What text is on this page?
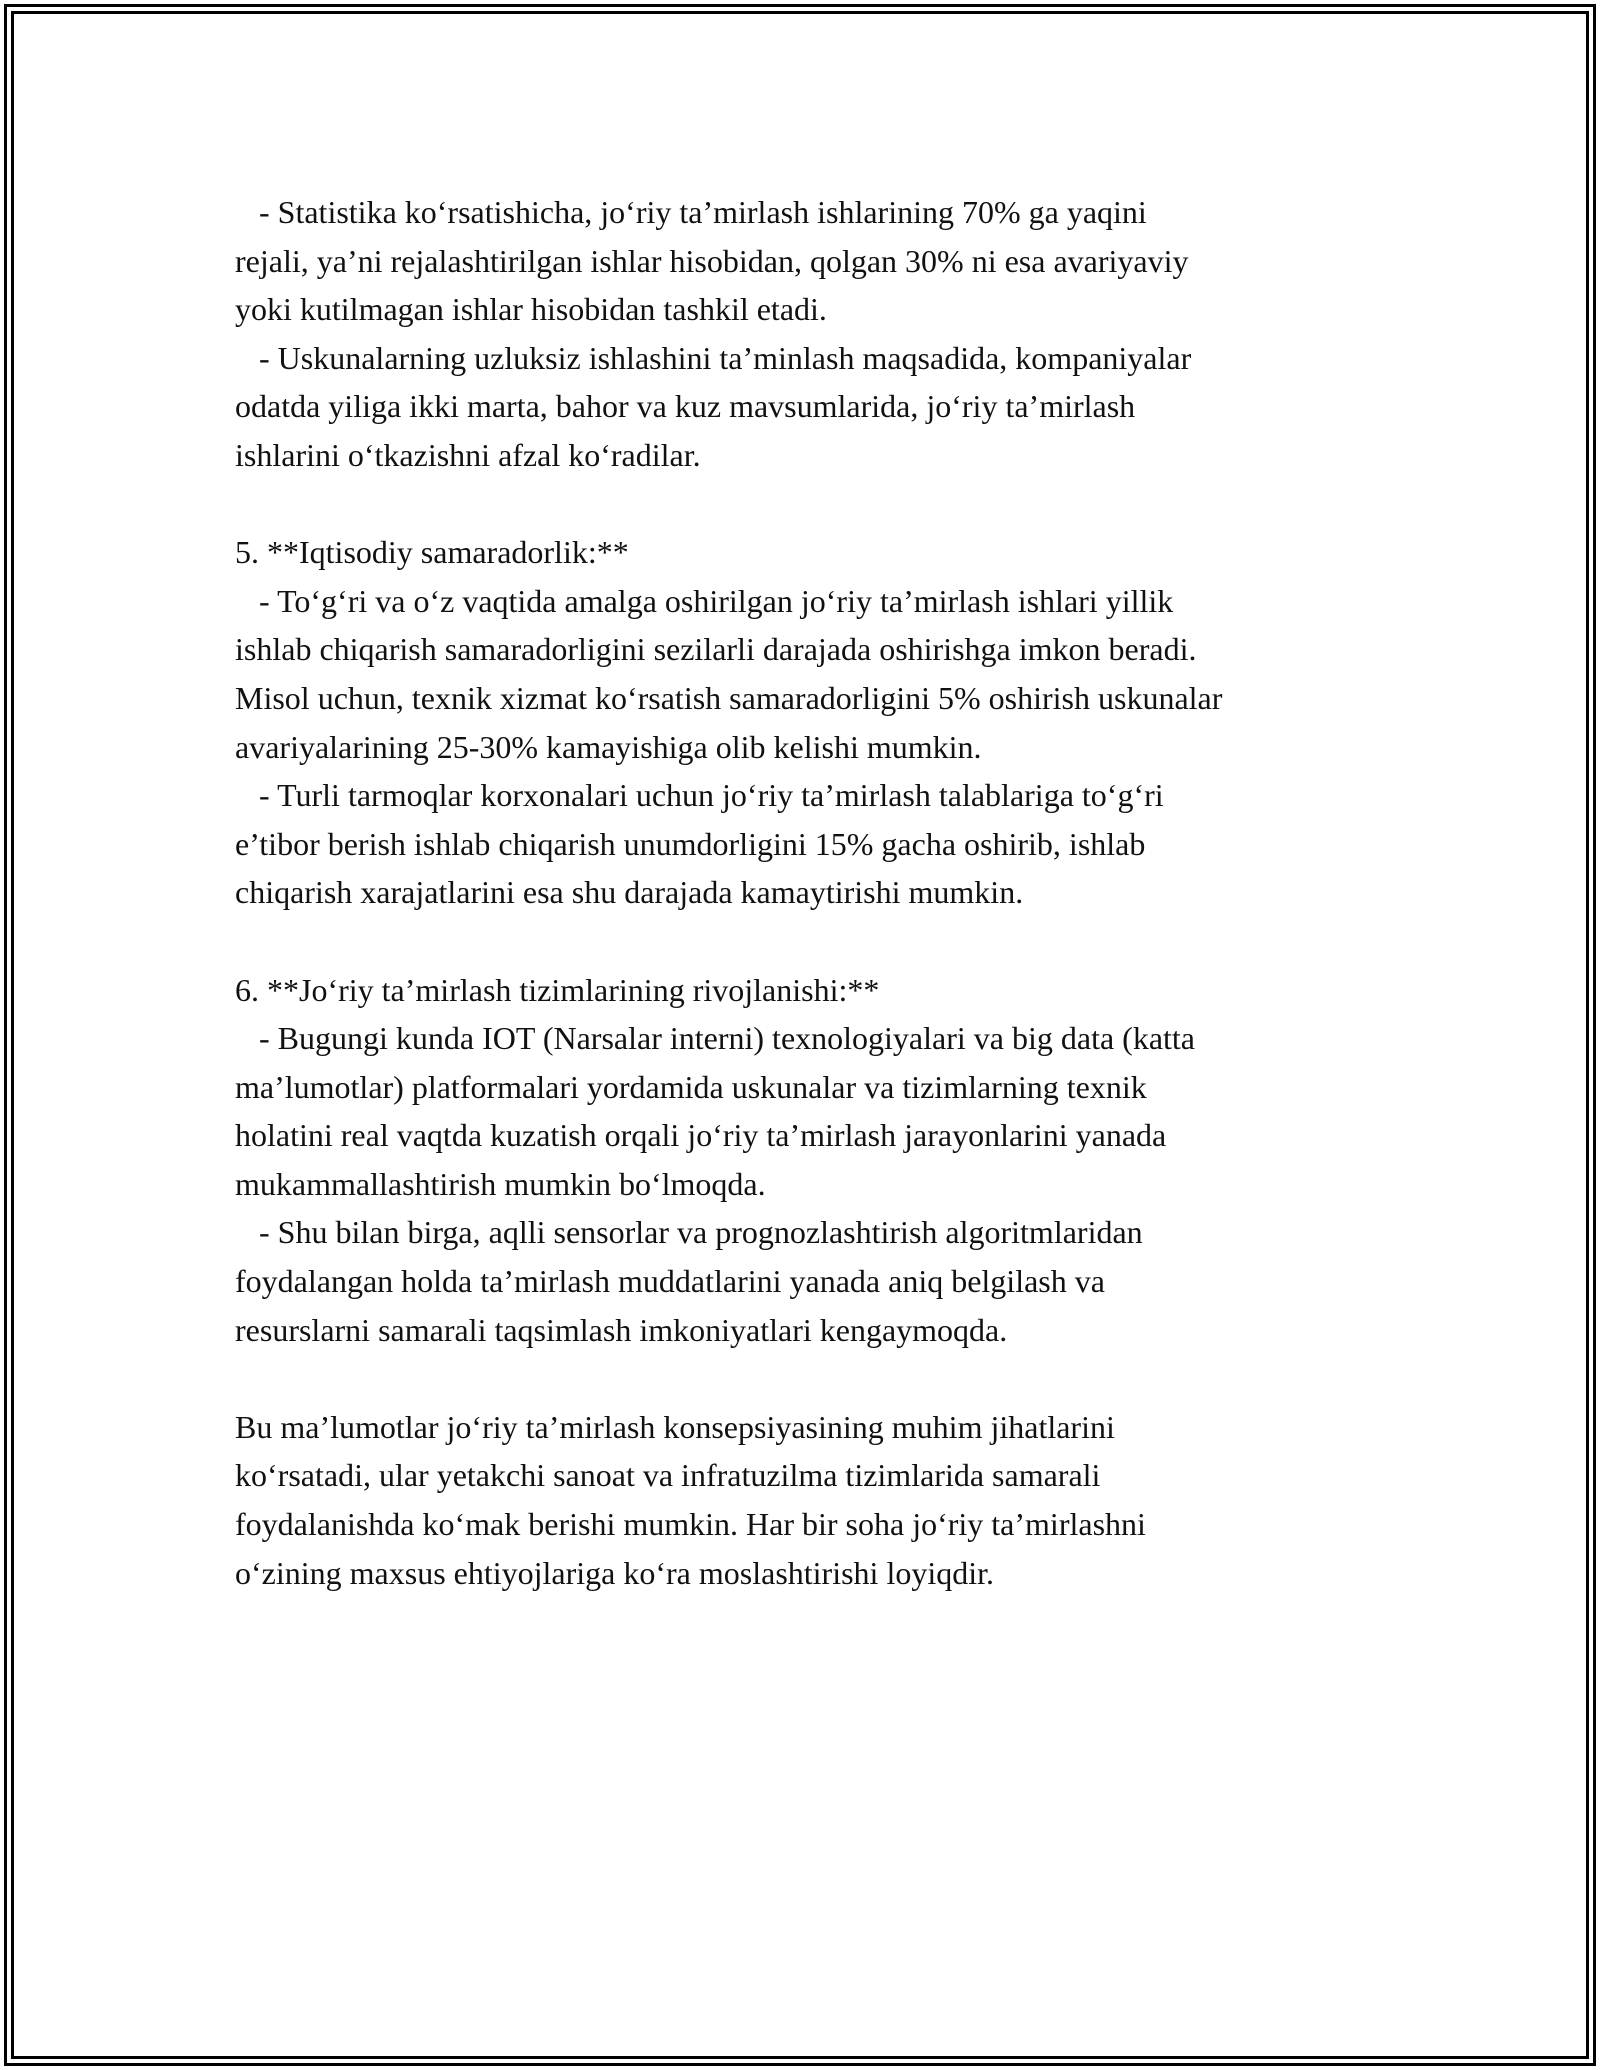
- Statistika ko‘rsatishicha, jo‘riy ta’mirlash ishlarining 70% ga yaqini
rejali, ya’ni rejalashtirilgan ishlar hisobidan, qolgan 30% ni esa avariyaviy
yoki kutilmagan ishlar hisobidan tashkil etadi.
- Uskunalarning uzluksiz ishlashini ta’minlash maqsadida, kompaniyalar
odatda yiliga ikki marta, bahor va kuz mavsumlarida, jo‘riy ta’mirlash
ishlarini o‘tkazishni afzal ko‘radilar.
5. **Iqtisodiy samaradorlik:**
- To‘g‘ri va o‘z vaqtida amalga oshirilgan jo‘riy ta’mirlash ishlari yillik
ishlab chiqarish samaradorligini sezilarli darajada oshirishga imkon beradi.
Misol uchun, texnik xizmat ko‘rsatish samaradorligini 5% oshirish uskunalar
avariyalarining 25-30% kamayishiga olib kelishi mumkin.
- Turli tarmoqlar korxonalari uchun jo‘riy ta’mirlash talablariga to‘g‘ri
e’tibor berish ishlab chiqarish unumdorligini 15% gacha oshirib, ishlab
chiqarish xarajatlarini esa shu darajada kamaytirishi mumkin.
6. **Jo‘riy ta’mirlash tizimlarining rivojlanishi:**
- Bugungi kunda IOT (Narsalar interni) texnologiyalari va big data (katta
ma’lumotlar) platformalari yordamida uskunalar va tizimlarning texnik
holatini real vaqtda kuzatish orqali jo‘riy ta’mirlash jarayonlarini yanada
mukammallashtirish mumkin bo‘lmoqda.
- Shu bilan birga, aqlli sensorlar va prognozlashtirish algoritmlaridan
foydalangan holda ta’mirlash muddatlarini yanada aniq belgilash va
resurslarni samarali taqsimlash imkoniyatlari kengaymoqda.
Bu ma’lumotlar jo‘riy ta’mirlash konsepsiyasining muhim jihatlarini
ko‘rsatadi, ular yetakchi sanoat va infratuzilma tizimlarida samarali
foydalanishda ko‘mak berishi mumkin. Har bir soha jo‘riy ta’mirlashni
o‘zining maxsus ehtiyojlariga ko‘ra moslashtirishi loyiqdir.
